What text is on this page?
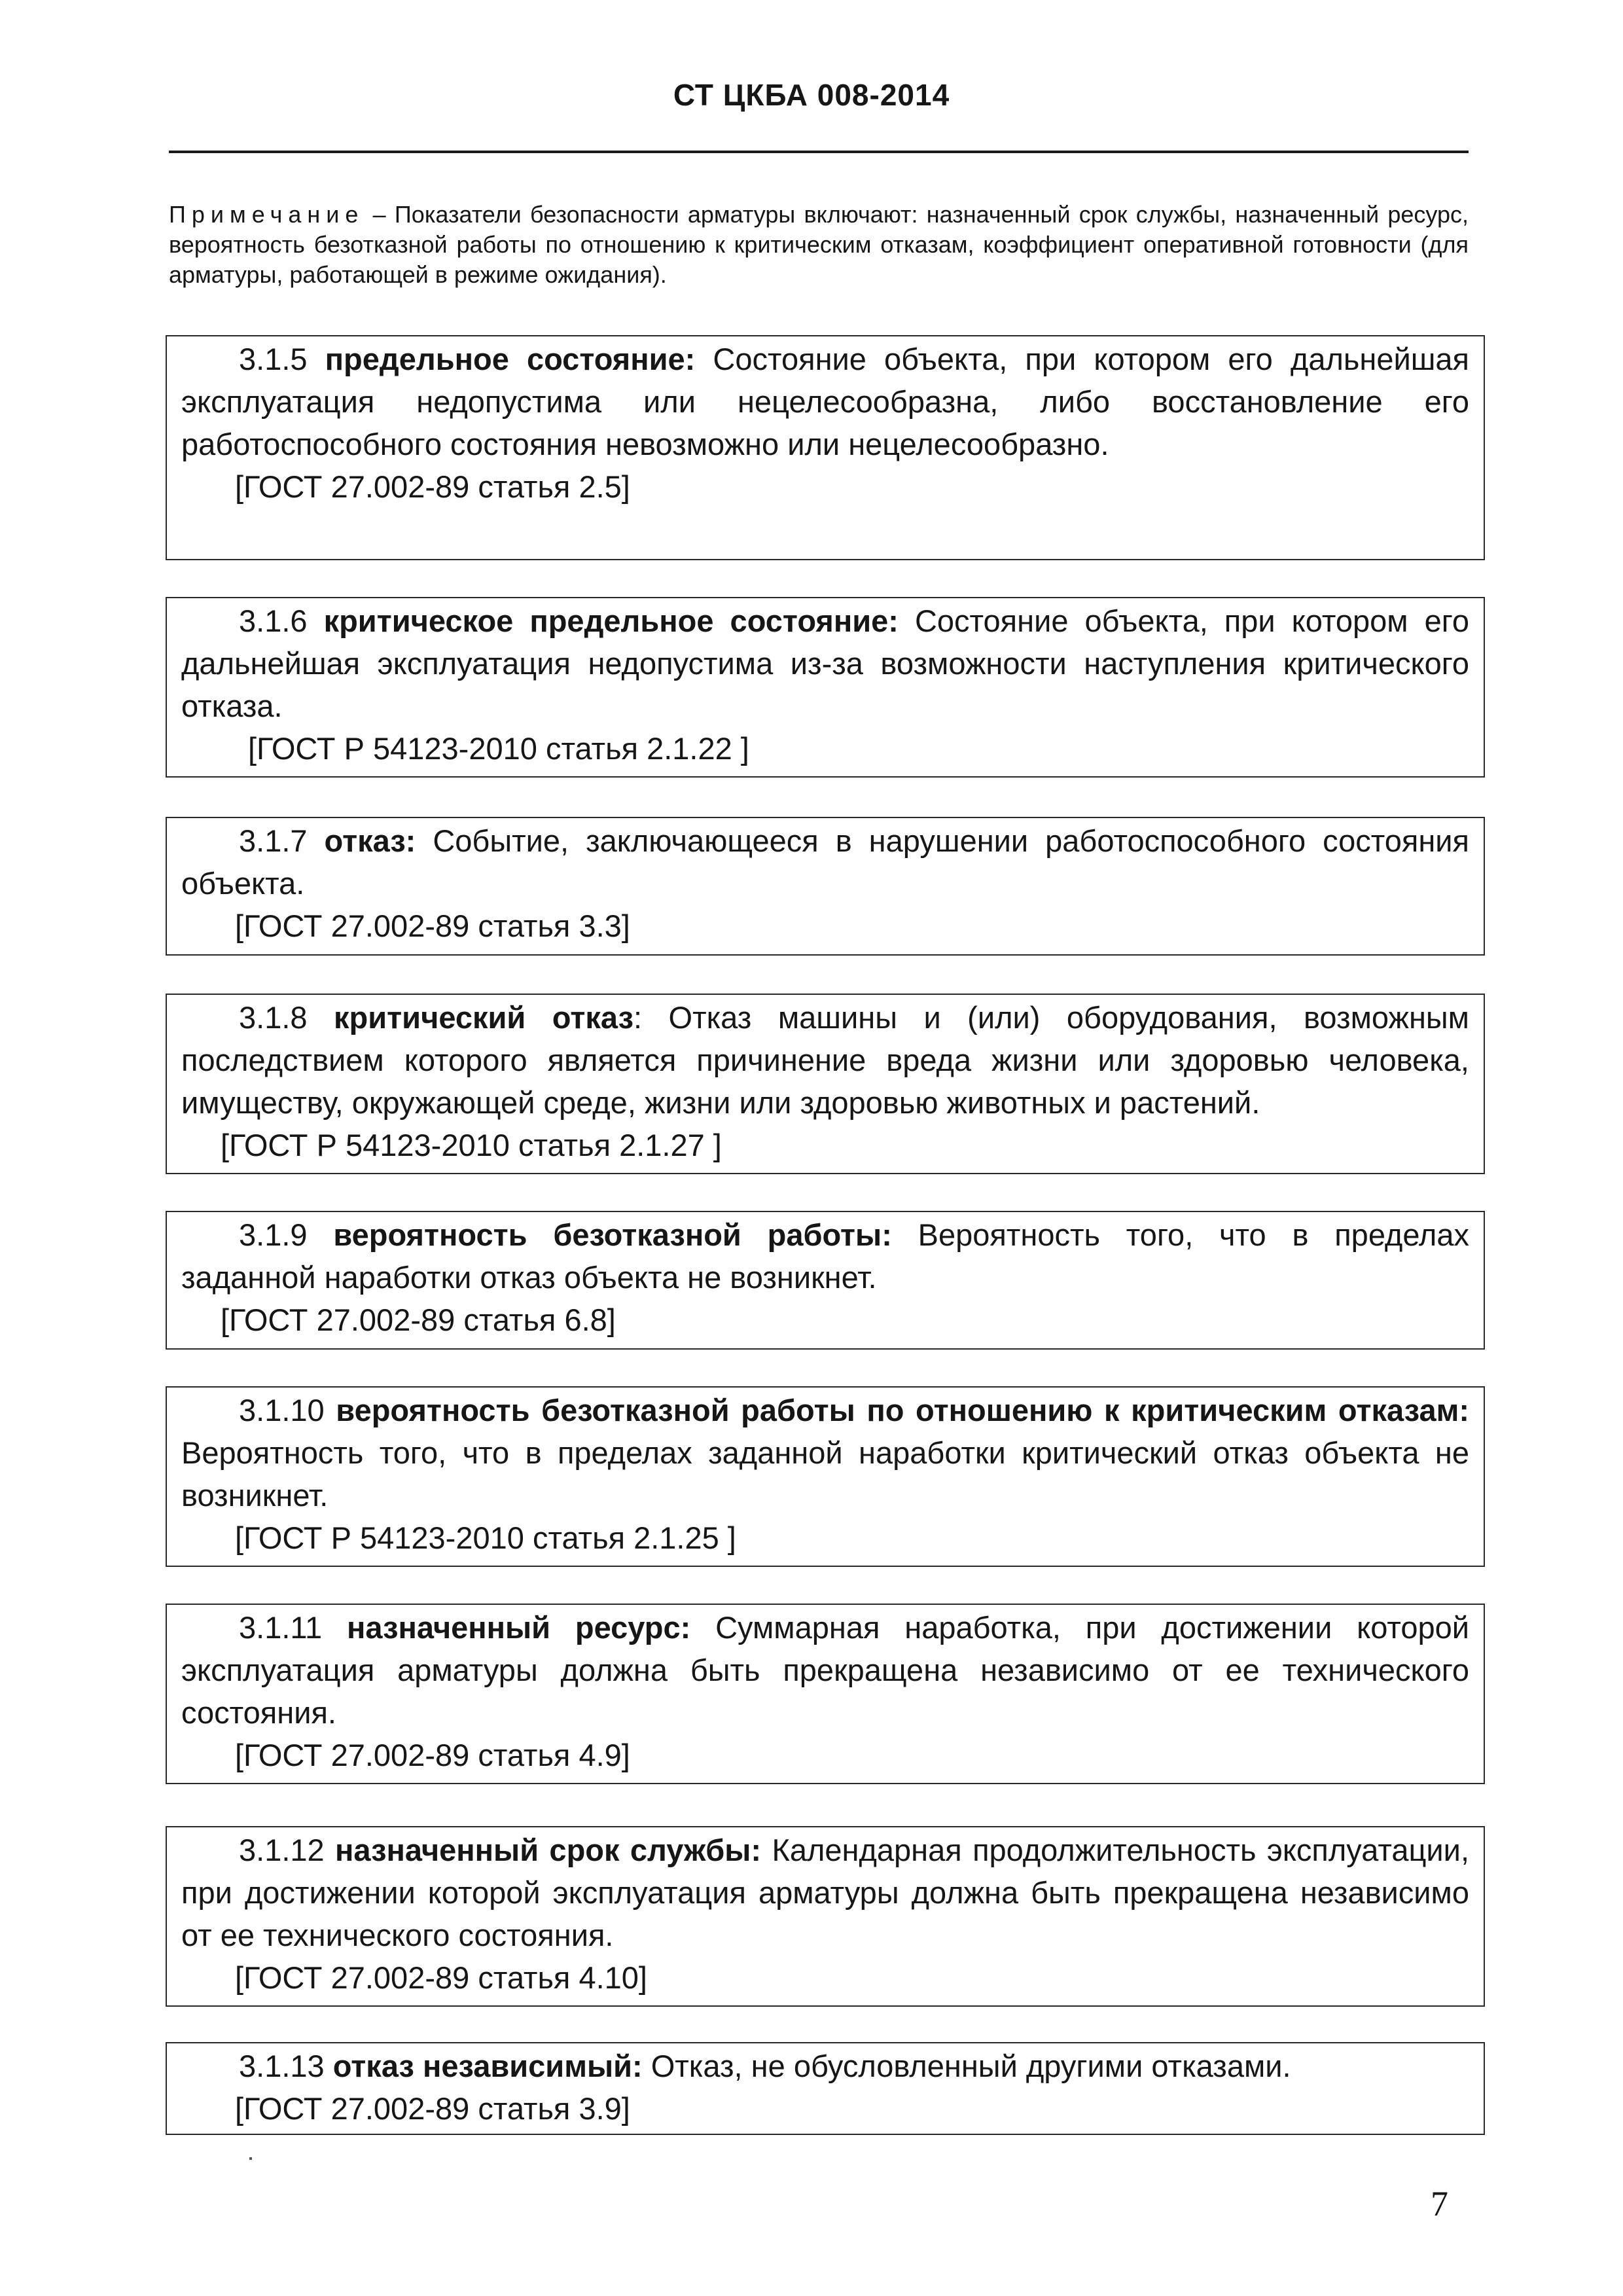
СТ ЦКБА 008-2014
Примечание – Показатели безопасности арматуры включают: назначенный срок службы, назначенный ресурс, вероятность безотказной работы по отношению к критическим отказам, коэффициент оперативной готовности (для арматуры, работающей в режиме ожидания).

3.1.5 предельное состояние: Состояние объекта, при котором его дальнейшая эксплуатация недопустима или нецелесообразна, либо восстановление его работоспособного состояния невозможно или нецелесообразно.

[ГОСТ 27.002-89 статья 2.5]

3.1.6 критическое предельное состояние: Состояние объекта, при котором его дальнейшая эксплуатация недопустима из-за возможности наступления критического отказа.

[ГОСТ Р 54123-2010 статья 2.1.22 ]

3.1.7 отказ: Событие, заключающееся в нарушении работоспособного состояния объекта.

[ГОСТ 27.002-89 статья 3.3]

3.1.8 критический отказ: Отказ машины и (или) оборудования, возможным последствием которого является причинение вреда жизни или здоровью человека, имуществу, окружающей среде, жизни или здоровью животных и растений.

[ГОСТ Р 54123-2010 статья 2.1.27 ]

3.1.9 вероятность безотказной работы: Вероятность того, что в пределах заданной наработки отказ объекта не возникнет.

[ГОСТ 27.002-89 статья 6.8]

3.1.10 вероятность безотказной работы по отношению к критическим отказам: Вероятность того, что в пределах заданной наработки критический отказ объекта не возникнет.

[ГОСТ Р 54123-2010 статья 2.1.25 ]

3.1.11 назначенный ресурс: Суммарная наработка, при достижении которой эксплуатация арматуры должна быть прекращена независимо от ее технического состояния.

[ГОСТ 27.002-89 статья 4.9]

3.1.12 назначенный срок службы: Календарная продолжительность эксплуатации, при достижении которой эксплуатация арматуры должна быть прекращена независимо от ее технического состояния.

[ГОСТ 27.002-89 статья 4.10]

3.1.13 отказ независимый: Отказ, не обусловленный другими отказами.

[ГОСТ 27.002-89 статья 3.9]
7
